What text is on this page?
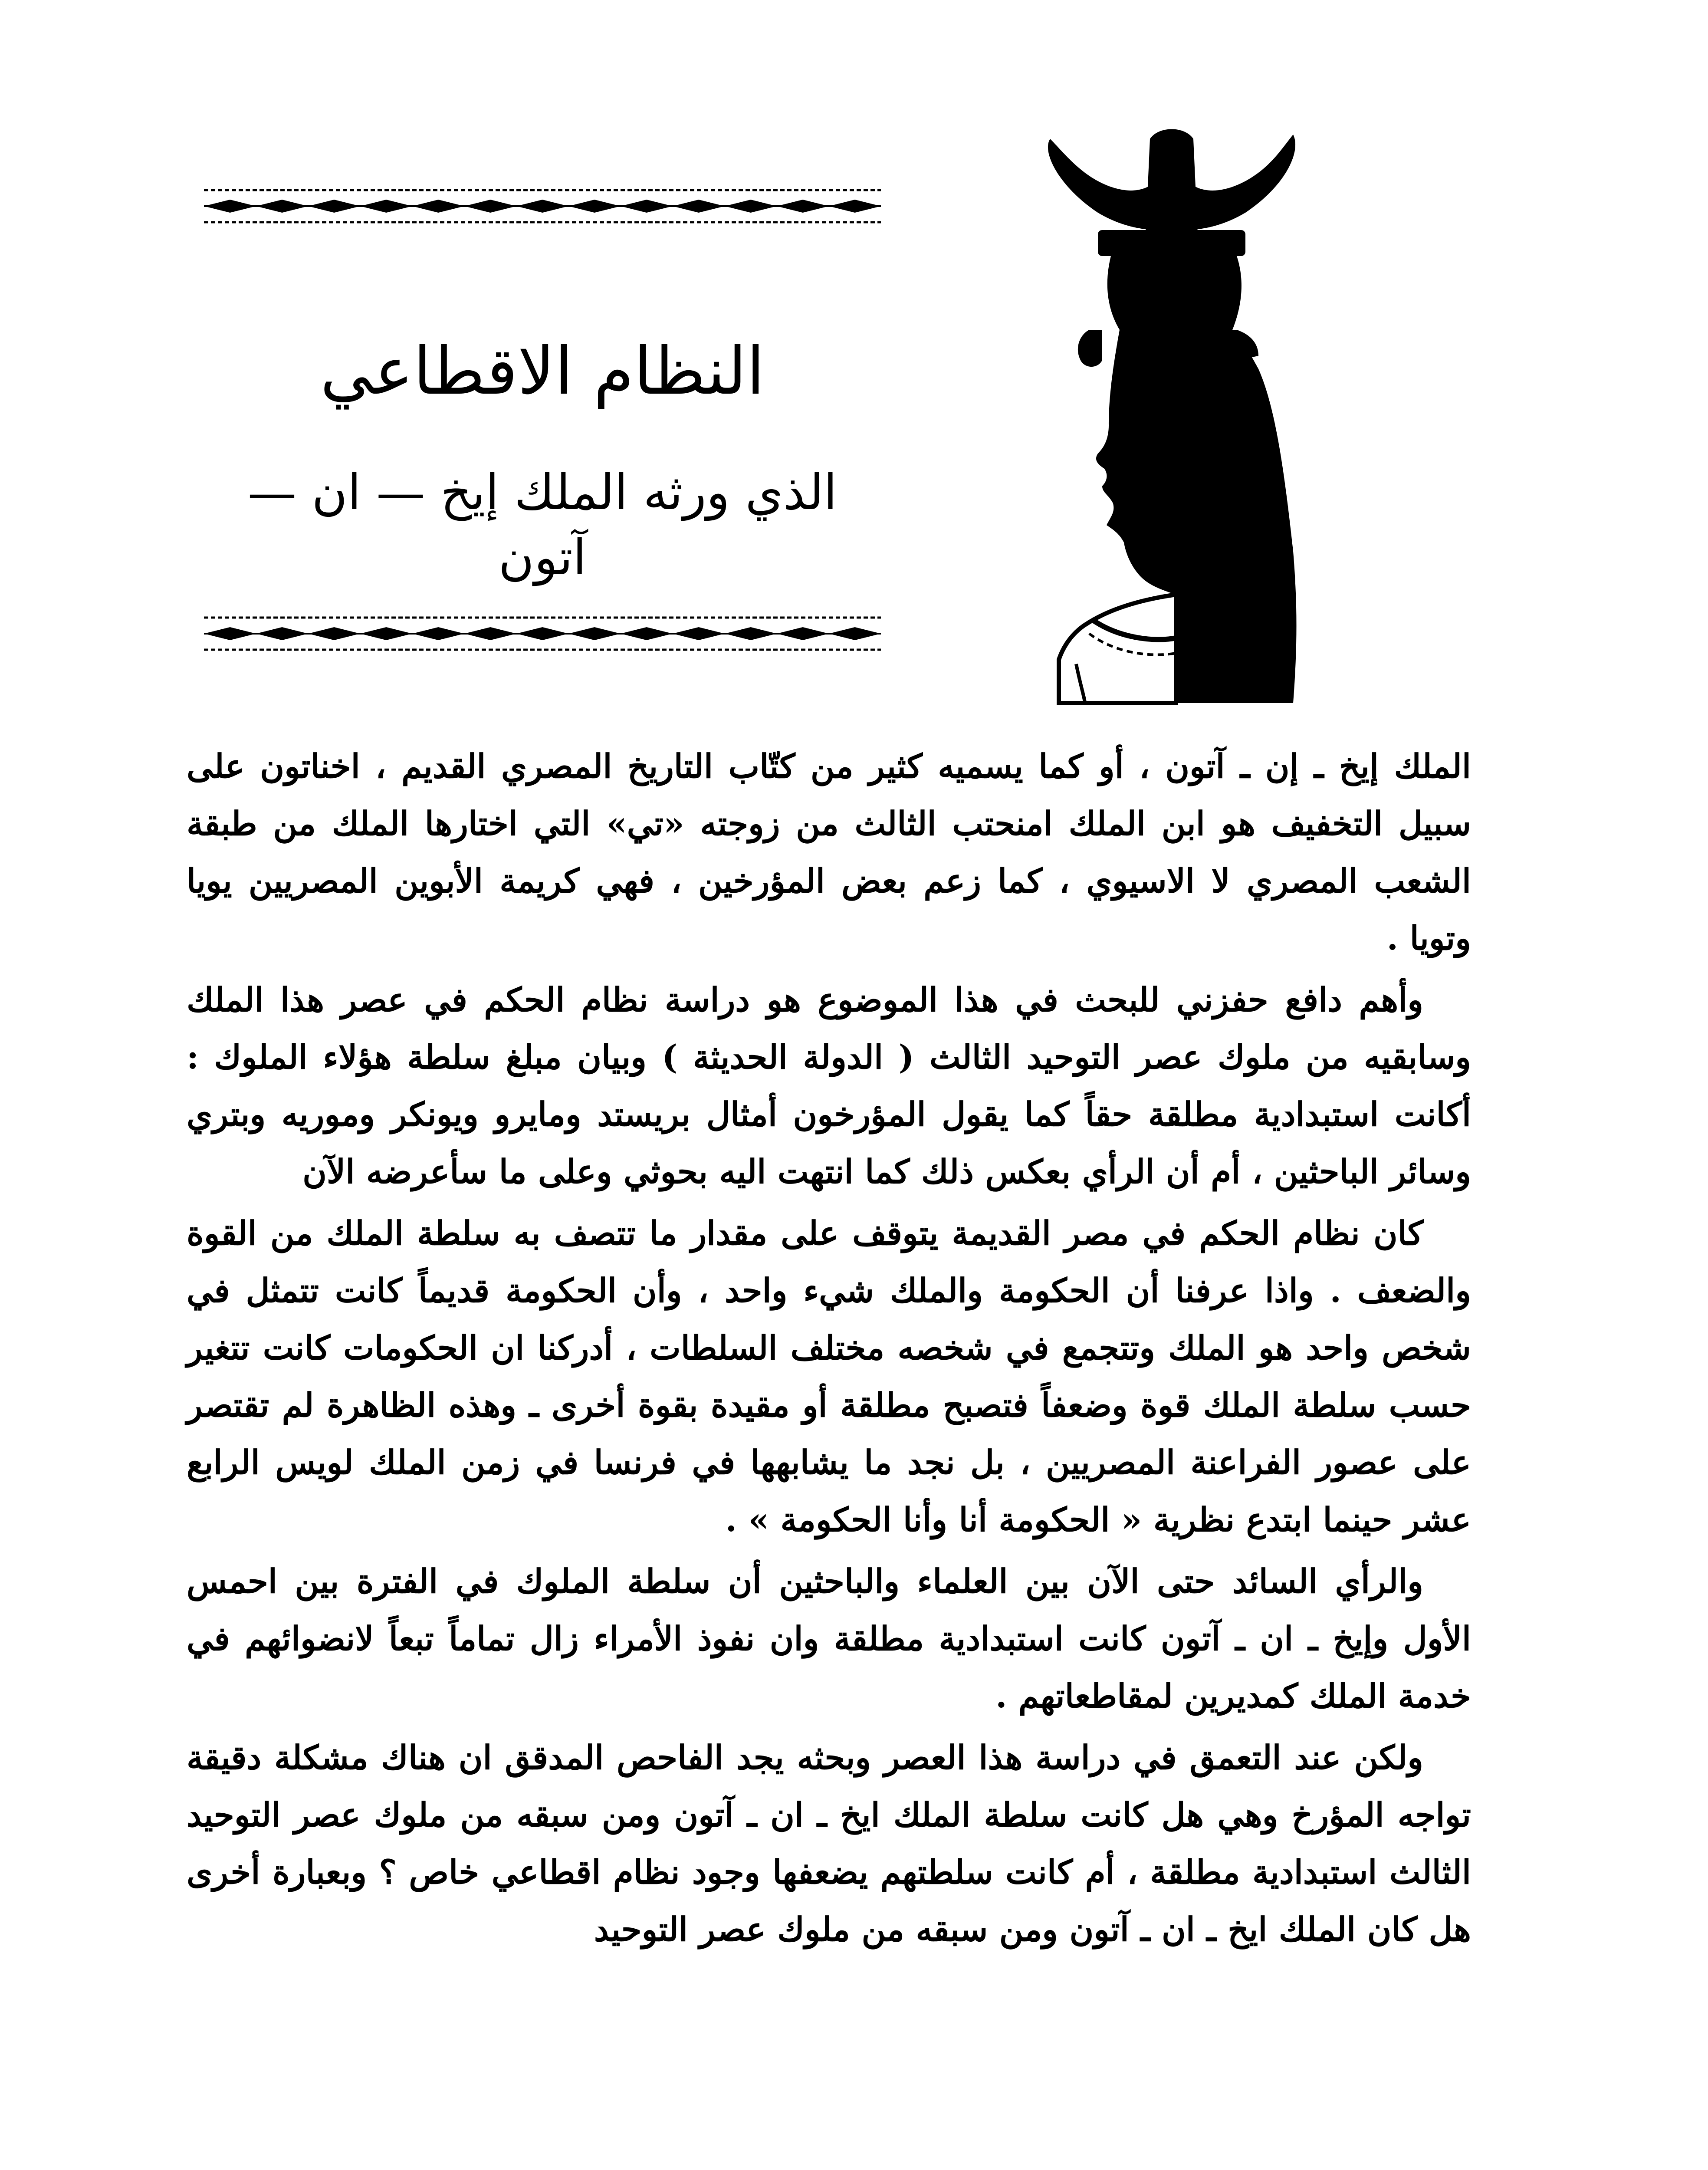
النظام الاقطاعي
الذي ورثه الملك إيخ — ان — آتون

الملك إيخ ـ إن ـ آتون ، أو كما يسميه كثير من كتّاب التاريخ المصري القديم ، اخناتون على سبيل التخفيف هو ابن الملك امنحتب الثالث من زوجته «تي» التي اختارها الملك من طبقة الشعب المصري لا الاسيوي ، كما زعم بعض المؤرخين ، فهي كريمة الأبوين المصريين يويا وتويا .

وأهم دافع حفزني للبحث في هذا الموضوع هو دراسة نظام الحكم في عصر هذا الملك وسابقيه من ملوك عصر التوحيد الثالث ( الدولة الحديثة ) وبيان مبلغ سلطة هؤلاء الملوك : أكانت استبدادية مطلقة حقاً كما يقول المؤرخون أمثال بريستد ومايرو ويونكر وموريه وبتري وسائر الباحثين ، أم أن الرأي بعكس ذلك كما انتهت اليه بحوثي وعلى ما سأعرضه الآن

كان نظام الحكم في مصر القديمة يتوقف على مقدار ما تتصف به سلطة الملك من القوة والضعف . واذا عرفنا أن الحكومة والملك شيء واحد ، وأن الحكومة قديماً كانت تتمثل في شخص واحد هو الملك وتتجمع في شخصه مختلف السلطات ، أدركنا ان الحكومات كانت تتغير حسب سلطة الملك قوة وضعفاً فتصبح مطلقة أو مقيدة بقوة أخرى ـ وهذه الظاهرة لم تقتصر على عصور الفراعنة المصريين ، بل نجد ما يشابهها في فرنسا في زمن الملك لويس الرابع عشر حينما ابتدع نظرية « الحكومة أنا وأنا الحكومة » .

والرأي السائد حتى الآن بين العلماء والباحثين أن سلطة الملوك في الفترة بين احمس الأول وإيخ ـ ان ـ آتون كانت استبدادية مطلقة وان نفوذ الأمراء زال تماماً تبعاً لانضوائهم في خدمة الملك كمديرين لمقاطعاتهم .

ولكن عند التعمق في دراسة هذا العصر وبحثه يجد الفاحص المدقق ان هناك مشكلة دقيقة تواجه المؤرخ وهي هل كانت سلطة الملك ايخ ـ ان ـ آتون ومن سبقه من ملوك عصر التوحيد الثالث استبدادية مطلقة ، أم كانت سلطتهم يضعفها وجود نظام اقطاعي خاص ؟ وبعبارة أخرى هل كان الملك ايخ ـ ان ـ آتون ومن سبقه من ملوك عصر التوحيد
